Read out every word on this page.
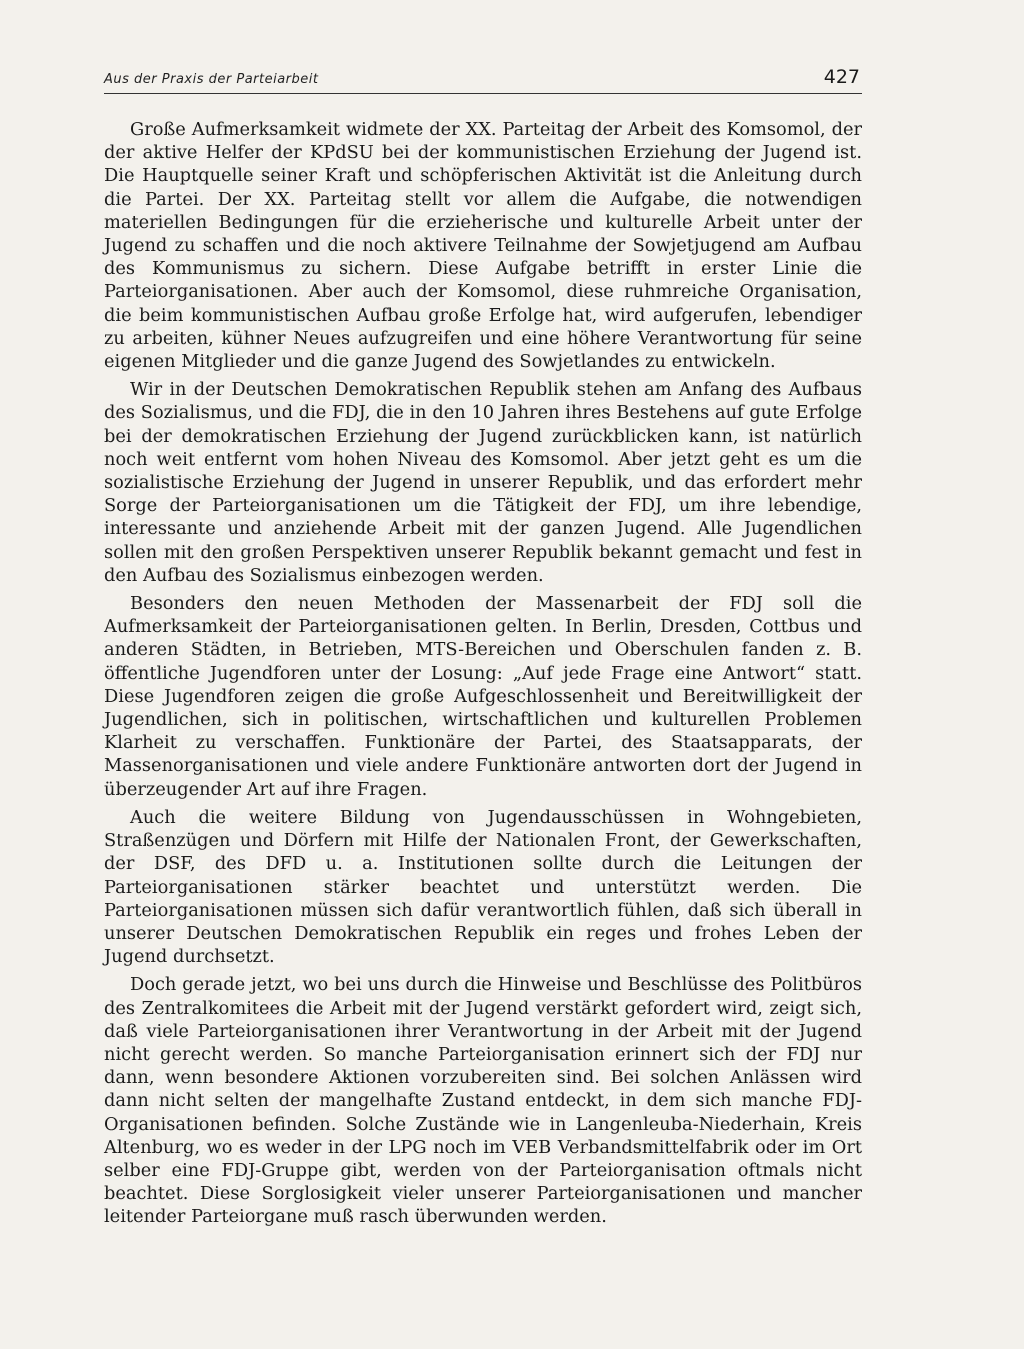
Aus der Praxis der Parteiarbeit	427

Große Aufmerksamkeit widmete der XX. Parteitag der Arbeit des Komsomol, der der aktive Helfer der KPdSU bei der kommunistischen Erziehung der Jugend ist. Die Hauptquelle seiner Kraft und schöpferischen Aktivität ist die Anleitung durch die Partei. Der XX. Parteitag stellt vor allem die Aufgabe, die notwendigen materiellen Bedingungen für die erzieherische und kulturelle Arbeit unter der Jugend zu schaffen und die noch aktivere Teilnahme der Sowjetjugend am Aufbau des Kommunismus zu sichern. Diese Aufgabe betrifft in erster Linie die Parteiorganisationen. Aber auch der Komsomol, diese ruhmreiche Organisation, die beim kommunistischen Aufbau große Erfolge hat, wird aufgerufen, lebendiger zu arbeiten, kühner Neues aufzugreifen und eine höhere Verantwortung für seine eigenen Mitglieder und die ganze Jugend des Sowjetlandes zu entwickeln.

Wir in der Deutschen Demokratischen Republik stehen am Anfang des Aufbaus des Sozialismus, und die FDJ, die in den 10 Jahren ihres Bestehens auf gute Erfolge bei der demokratischen Erziehung der Jugend zurückblicken kann, ist natürlich noch weit entfernt vom hohen Niveau des Komsomol. Aber jetzt geht es um die sozialistische Erziehung der Jugend in unserer Republik, und das erfordert mehr Sorge der Parteiorganisationen um die Tätigkeit der FDJ, um ihre lebendige, interessante und anziehende Arbeit mit der ganzen Jugend. Alle Jugendlichen sollen mit den großen Perspektiven unserer Republik bekannt gemacht und fest in den Aufbau des Sozialismus einbezogen werden.

Besonders den neuen Methoden der Massenarbeit der FDJ soll die Aufmerksamkeit der Parteiorganisationen gelten. In Berlin, Dresden, Cottbus und anderen Städten, in Betrieben, MTS-Bereichen und Oberschulen fanden z. B. öffentliche Jugendforen unter der Losung: „Auf jede Frage eine Antwort“ statt. Diese Jugendforen zeigen die große Aufgeschlossenheit und Bereitwilligkeit der Jugendlichen, sich in politischen, wirtschaftlichen und kulturellen Problemen Klarheit zu verschaffen. Funktionäre der Partei, des Staatsapparats, der Massenorganisationen und viele andere Funktionäre antworten dort der Jugend in überzeugender Art auf ihre Fragen.

Auch die weitere Bildung von Jugendausschüssen in Wohngebieten, Straßenzügen und Dörfern mit Hilfe der Nationalen Front, der Gewerkschaften, der DSF, des DFD u. a. Institutionen sollte durch die Leitungen der Parteiorganisationen stärker beachtet und unterstützt werden. Die Parteiorganisationen müssen sich dafür verantwortlich fühlen, daß sich überall in unserer Deutschen Demokratischen Republik ein reges und frohes Leben der Jugend durchsetzt.

Doch gerade jetzt, wo bei uns durch die Hinweise und Beschlüsse des Politbüros des Zentralkomitees die Arbeit mit der Jugend verstärkt gefordert wird, zeigt sich, daß viele Parteiorganisationen ihrer Verantwortung in der Arbeit mit der Jugend nicht gerecht werden. So manche Parteiorganisation erinnert sich der FDJ nur dann, wenn besondere Aktionen vorzubereiten sind. Bei solchen Anlässen wird dann nicht selten der mangelhafte Zustand entdeckt, in dem sich manche FDJ-Organisationen befinden. Solche Zustände wie in Langenleuba-Niederhain, Kreis Altenburg, wo es weder in der LPG noch im VEB Verbandsmittelfabrik oder im Ort selber eine FDJ-Gruppe gibt, werden von der Parteiorganisation oftmals nicht beachtet. Diese Sorglosigkeit vieler unserer Parteiorganisationen und mancher leitender Parteiorgane muß rasch überwunden werden.
